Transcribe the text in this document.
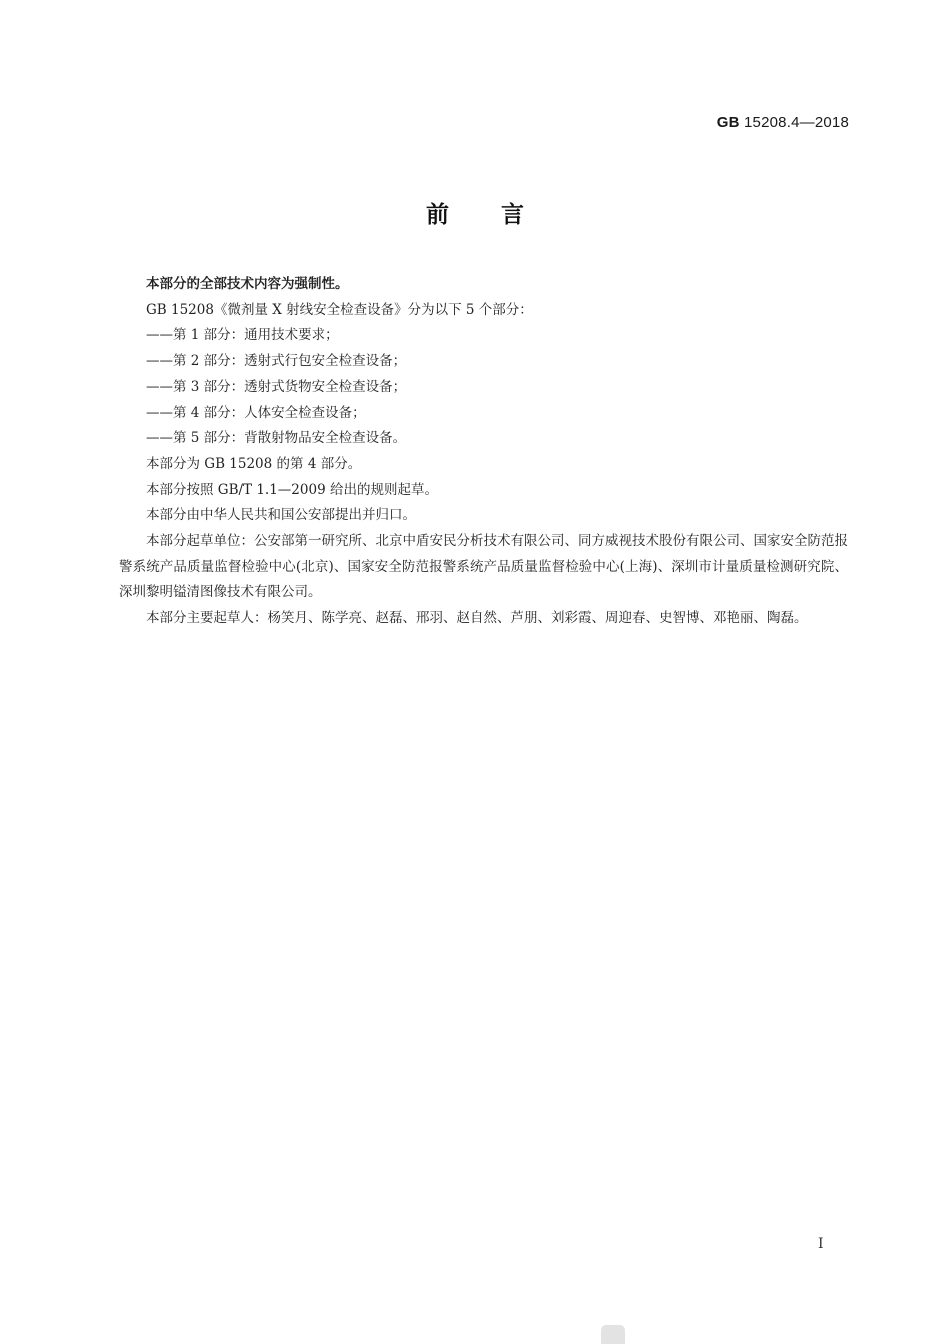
GB 15208.4—2018
前言

本部分的全部技术内容为强制性。

GB 15208《微剂量 X 射线安全检查设备》分为以下 5 个部分：

——第 1 部分：通用技术要求；

——第 2 部分：透射式行包安全检查设备；

——第 3 部分：透射式货物安全检查设备；

——第 4 部分：人体安全检查设备；

——第 5 部分：背散射物品安全检查设备。

本部分为 GB 15208 的第 4 部分。

本部分按照 GB/T 1.1—2009 给出的规则起草。

本部分由中华人民共和国公安部提出并归口。

本部分起草单位：公安部第一研究所、北京中盾安民分析技术有限公司、同方威视技术股份有限公司、国家安全防范报警系统产品质量监督检验中心(北京)、国家安全防范报警系统产品质量监督检验中心(上海)、深圳市计量质量检测研究院、深圳黎明镒清图像技术有限公司。

本部分主要起草人：杨笑月、陈学亮、赵磊、邢羽、赵自然、芦朋、刘彩霞、周迎春、史智博、邓艳丽、陶磊。

I
